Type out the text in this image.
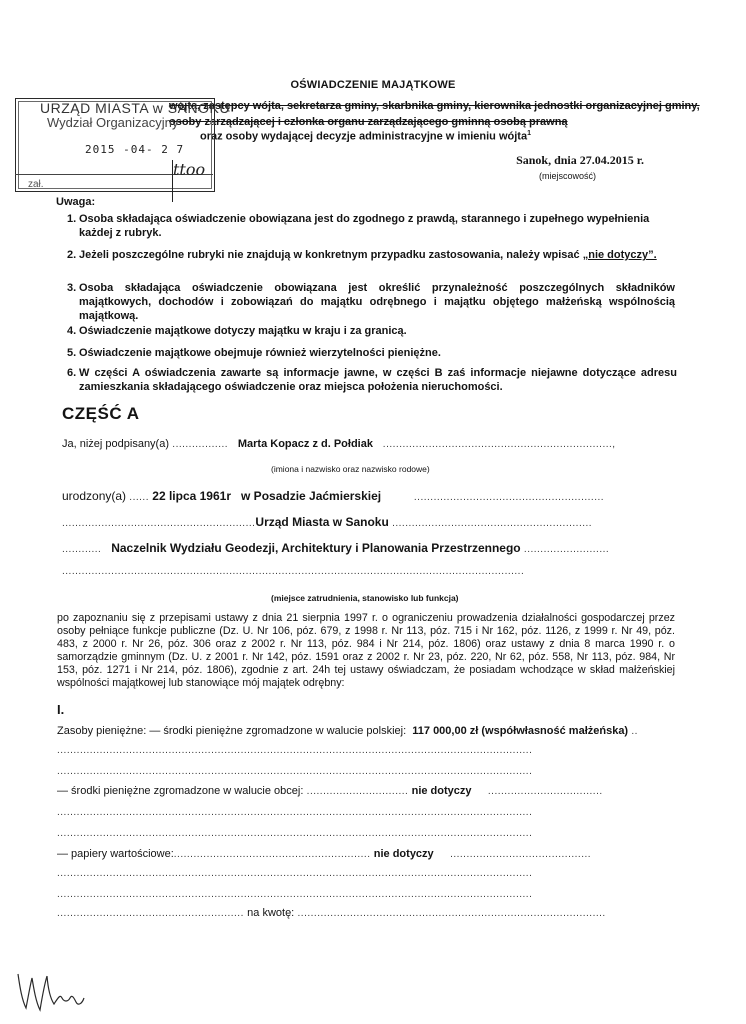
OŚWIADCZENIE MAJĄTKOWE
wójta, zastępcy wójta, sekretarza gminy, skarbnika gminy, kierownika jednostki organizacyjnej gminy,
osoby zarządzającej i członka organu zarządzającego gminną osobą prawną
oraz osoby wydającej decyzje administracyjne w imieniu wójta$^1$
URZĄD MIASTA w SANOKU
Wydział Organizacyjny
2015 -04- 2 7
zał.
ttoo	Sanok, dnia 27.04.2015 r.
(miejscowość)
Uwaga:
1. Osoba składająca oświadczenie obowiązana jest do zgodnego z prawdą, starannego i zupełnego wypełnienia każdej z rubryk.
2. Jeżeli poszczególne rubryki nie znajdują w konkretnym przypadku zastosowania, należy wpisać „nie dotyczy”.
3. Osoba składająca oświadczenie obowiązana jest określić przynależność poszczególnych składników majątkowych, dochodów i zobowiązań do majątku odrębnego i majątku objętego małżeńską wspólnością majątkową.
4. Oświadczenie majątkowe dotyczy majątku w kraju i za granicą.
5. Oświadczenie majątkowe obejmuje również wierzytelności pieniężne.
6. W części A oświadczenia zawarte są informacje jawne, w części B zaś informacje niejawne dotyczące adresu zamieszkania składającego oświadczenie oraz miejsca położenia nieruchomości.
CZĘŚĆ A
Ja, niżej podpisany(a) .................   Marta Kopacz z d. Połdiak   ......................................................................,
(imiona i nazwisko oraz nazwisko rodowe)
urodzony(a) ...... 22 lipca 1961r w Posadzie Jaćmierskiej          ..........................................................
...........................................................Urząd Miasta w Sanoku .............................................................
............   Naczelnik Wydziału Geodezji, Architektury i Planowania Przestrzennego ..........................
.............................................................................................................................................
(miejsce zatrudnienia, stanowisko lub funkcja)
po zapoznaniu się z przepisami ustawy z dnia 21 sierpnia 1997 r. o ograniczeniu prowadzenia działalności gospodarczej przez osoby pełniące funkcje publiczne (Dz. U. Nr 106, póz. 679, z 1998 r. Nr 113, póz. 715 i Nr 162, póz. 1126, z 1999 r. Nr 49, póz. 483, z 2000 r. Nr 26, póz. 306 oraz z 2002 r. Nr 113, póz. 984 i Nr 214, póz. 1806) oraz ustawy z dnia 8 marca 1990 r. o samorządzie gminnym (Dz. U. z 2001 r. Nr 142, póz. 1591 oraz z 2002 r. Nr 23, póz. 220, Nr 62, póz. 558, Nr 113, póz. 984, Nr 153, póz. 1271 i Nr 214, póz. 1806), zgodnie z art. 24h tej ustawy oświadczam, że posiadam wchodzące w skład małżeńskiej wspólności majątkowej lub stanowiące mój majątek odrębny:
I.
Zasoby pieniężne: — środki pieniężne zgromadzone w walucie polskiej: 117 000,00 zł (współwłasność małżeńska) ..
.................................................................................................................................................
.................................................................................................................................................
— środki pieniężne zgromadzone w walucie obcej: ............................... nie dotyczy     ...................................
.................................................................................................................................................
.................................................................................................................................................
— papiery wartościowe:............................................................ nie dotyczy     ...........................................
.................................................................................................................................................
.................................................................................................................................................
......................................................... na kwotę: ..............................................................................................
